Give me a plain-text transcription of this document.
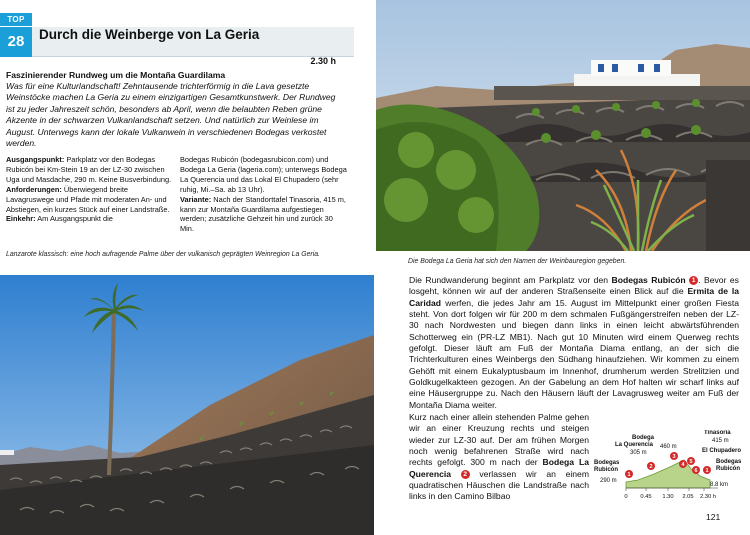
TOP
28	Durch die Weinberge von La Geria
2.30 h
Faszinierender Rundweg um die Montaña Guardilama
Was für eine Kulturlandschaft! Zehntausende trichterförmig in die Lava gesetzte Weinstöcke machen La Geria zu einem einzigartigen Gesamtkunstwerk. Der Rundweg ist zu jeder Jahreszeit schön, besonders ab April, wenn die belaubten Reben grüne Akzente in der schwarzen Vulkanlandschaft setzen. Und natürlich zur Weinlese im August. Unterwegs kann der lokale Vulkanwein in verschiedenen Bodegas verkostet werden.
Ausgangspunkt: Parkplatz vor den Bodegas Rubicón bei Km-Stein 19 an der LZ-30 zwischen Uga und Masdache, 290 m. Keine Busverbindung.
Anforderungen: Überwiegend breite Lavagruswege und Pfade mit moderaten An- und Abstiegen, ein kurzes Stück auf einer Landstraße.
Einkehr: Am Ausgangspunkt die
Bodegas Rubicón (bodegasrubicon.com) und Bodega La Geria (lageria.com); unterwegs Bodega La Querencia und das Lokal El Chupadero (sehr ruhig, Mi.–Sa. ab 13 Uhr).
Variante: Nach der Standorttafel Tinasoria, 415 m, kann zur Montaña Guardilama aufgestiegen werden; zusätzliche Gehzeit hin und zurück 30 Min.
Lanzarote klassisch: eine hoch aufragende Palme über der vulkanisch geprägten Weinregion La Geria.
Die Bodega La Geria hat sich den Namen der Weinbauregion gegeben.
Die Rundwanderung beginnt am Parkplatz vor den Bodegas Rubicón 1 . Bevor es losgeht, können wir auf der anderen Straßenseite einen Blick auf die Ermita de la Caridad werfen, die jedes Jahr am 15. August im Mittelpunkt einer großen Fiesta steht. Von dort folgen wir für 200 m dem schmalen Fußgängerstreifen neben der LZ-30 nach Nordwesten und biegen dann links in einen leicht abwärtsführenden Schotterweg ein (PR-LZ MB1). Nach gut 10 Minuten wird einem Querweg rechts gefolgt. Dieser läuft am Fuß der Montaña Diama entlang, an der sich die Trichterkulturen eines Weinbergs den Südhang hinaufziehen. Wir kommen zu einem Gehöft mit einem Eukalyptusbaum im Innenhof, drumherum werden Strelitzien und Goldkugelkakteen gezogen. An der Gabelung an dem Hof halten wir scharf links auf eine Häusergruppe zu. Nach den Häusern läuft der Lavagrusweg weiter am Fuß der Montaña Diama weiter.
Kurz nach einer allein stehenden Palme gehen wir an einer Kreuzung rechts und steigen wieder zur LZ-30 auf. Der am frühen Morgen noch wenig befahrenen Straße wird nach rechts gefolgt. 300 m nach der Bodega La Querencia 2 verlassen wir an einem quadratischen Häuschen die Landstraße nach links in den Camino Bilbao
1
2
3
4 5
6 1
Tinasoria
415 m
Bodega
La Querencia
305 m
460 m
El Chupadero
Bodegas
Rubicón
290 m
Bodegas
Rubicón
8.8 km
0 0.45 1.30 2.05 2.30 h
121
